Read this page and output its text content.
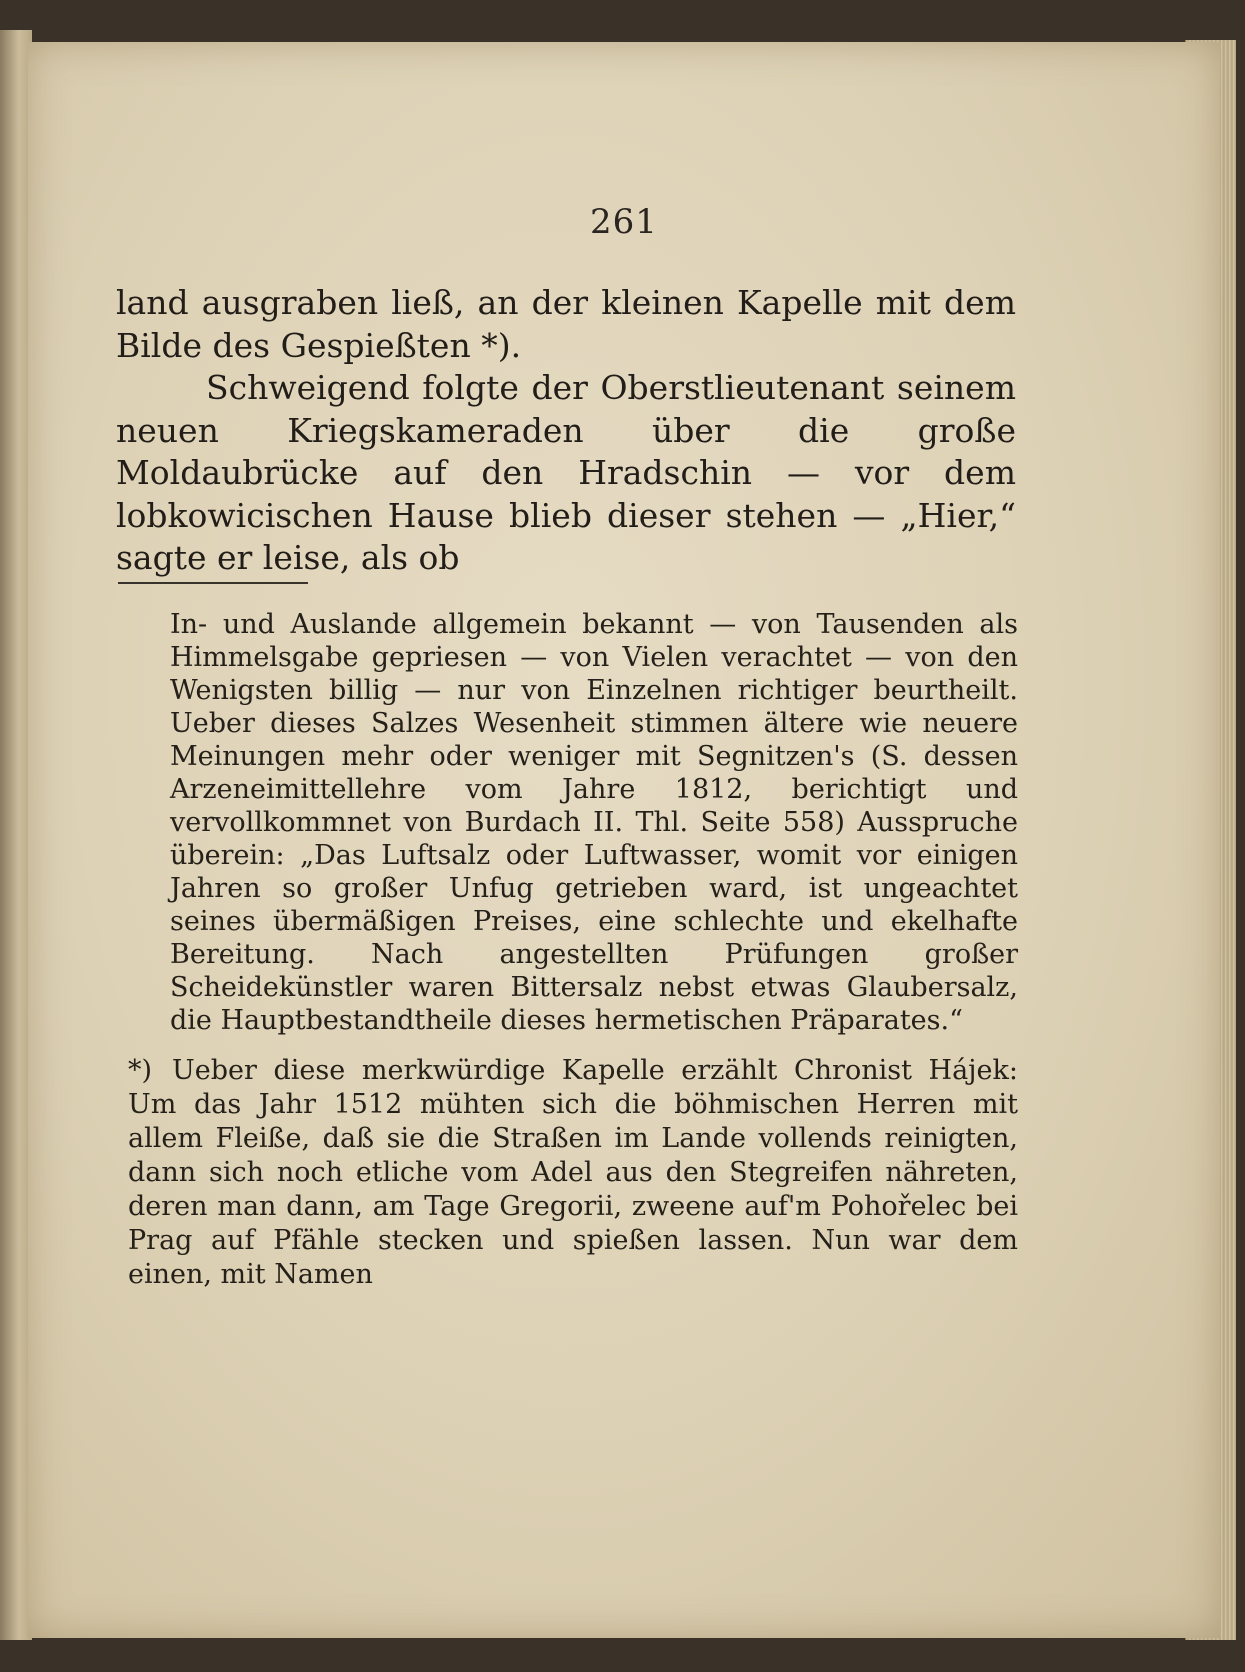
261

land ausgraben ließ, an der kleinen Kapelle mit dem Bilde des Gespießten *).

Schweigend folgte der Oberstlieutenant seinem neuen Kriegskameraden über die große Moldaubrücke auf den Hradschin — vor dem lobkowicischen Hause blieb dieser stehen — „Hier,“ sagte er leise, als ob

In- und Auslande allgemein bekannt — von Tausenden als Himmelsgabe gepriesen — von Vielen verachtet — von den Wenigsten billig — nur von Einzelnen richtiger beurtheilt. Ueber dieses Salzes Wesenheit stimmen ältere wie neuere Meinungen mehr oder weniger mit Segnitzen's (S. dessen Arzeneimittellehre vom Jahre 1812, berichtigt und vervollkommnet von Burdach II. Thl. Seite 558) Ausspruche überein: „Das Luftsalz oder Luftwasser, womit vor einigen Jahren so großer Unfug getrieben ward, ist ungeachtet seines übermäßigen Preises, eine schlechte und ekelhafte Bereitung. Nach angestellten Prüfungen großer Scheidekünstler waren Bittersalz nebst etwas Glaubersalz, die Hauptbestandtheile dieses hermetischen Präparates.“

*) Ueber diese merkwürdige Kapelle erzählt Chronist Hájek: Um das Jahr 1512 mühten sich die böhmischen Herren mit allem Fleiße, daß sie die Straßen im Lande vollends reinigten, dann sich noch etliche vom Adel aus den Stegreifen nähreten, deren man dann, am Tage Gregorii, zweene auf'm Pohořelec bei Prag auf Pfähle stecken und spießen lassen. Nun war dem einen, mit Namen
